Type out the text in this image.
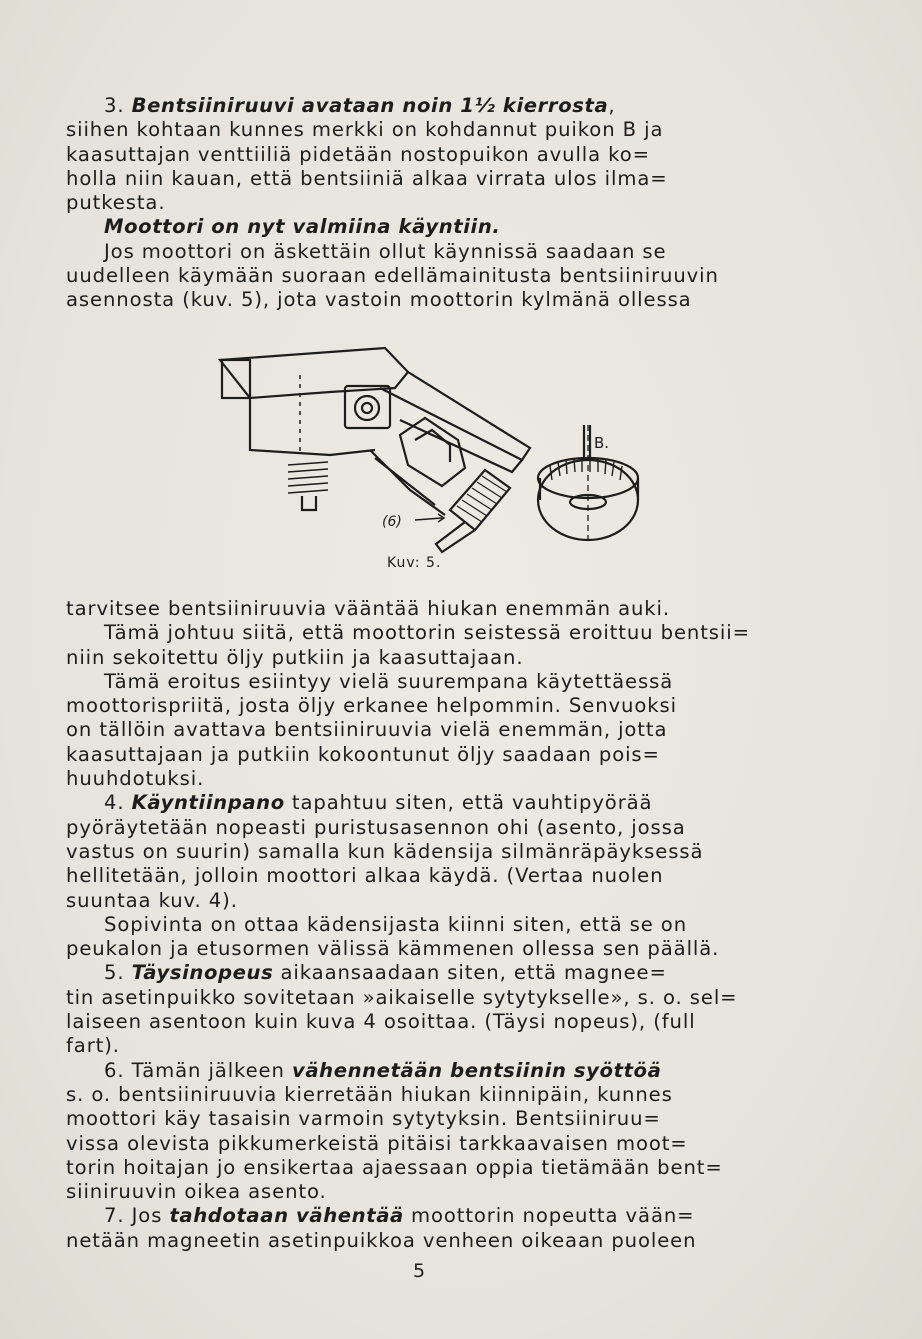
3. Bentsiiniruuvi avataan noin 1½ kierrosta,
siihen kohtaan kunnes merkki on kohdannut puikon B ja
kaasuttajan venttiiliä pidetään nostopuikon avulla ko=
holla niin kauan, että bentsiiniä alkaa virrata ulos ilma=
putkesta.
Moottori on nyt valmiina käyntiin.
Jos moottori on äskettäin ollut käynnissä saadaan se
uudelleen käymään suoraan edellämainitusta bentsiiniruuvin
asennosta (kuv. 5), jota vastoin moottorin kylmänä ollessa
B.
(6)
Kuv: 5.
tarvitsee bentsiiniruuvia vääntää hiukan enemmän auki.
Tämä johtuu siitä, että moottorin seistessä eroittuu bentsii=
niin sekoitettu öljy putkiin ja kaasuttajaan.
Tämä eroitus esiintyy vielä suurempana käytettäessä
moottorispriitä, josta öljy erkanee helpommin. Senvuoksi
on tällöin avattava bentsiiniruuvia vielä enemmän, jotta
kaasuttajaan ja putkiin kokoontunut öljy saadaan pois=
huuhdotuksi.
4. Käyntiinpano tapahtuu siten, että vauhtipyörää
pyöräytetään nopeasti puristusasennon ohi (asento, jossa
vastus on suurin) samalla kun kädensija silmänräpäyksessä
hellitetään, jolloin moottori alkaa käydä. (Vertaa nuolen
suuntaa kuv. 4).
Sopivinta on ottaa kädensijasta kiinni siten, että se on
peukalon ja etusormen välissä kämmenen ollessa sen päällä.
5. Täysinopeus aikaansaadaan siten, että magnee=
tin asetinpuikko sovitetaan »aikaiselle sytytykselle», s. o. sel=
laiseen asentoon kuin kuva 4 osoittaa. (Täysi nopeus), (full
fart).
6. Tämän jälkeen vähennetään bentsiinin syöttöä
s. o. bentsiiniruuvia kierretään hiukan kiinnipäin, kunnes
moottori käy tasaisin varmoin sytytyksin. Bentsiiniruu=
vissa olevista pikkumerkeistä pitäisi tarkkaavaisen moot=
torin hoitajan jo ensikertaa ajaessaan oppia tietämään bent=
siiniruuvin oikea asento.
7. Jos tahdotaan vähentää moottorin nopeutta vään=
netään magneetin asetinpuikkoa venheen oikeaan puoleen
5
